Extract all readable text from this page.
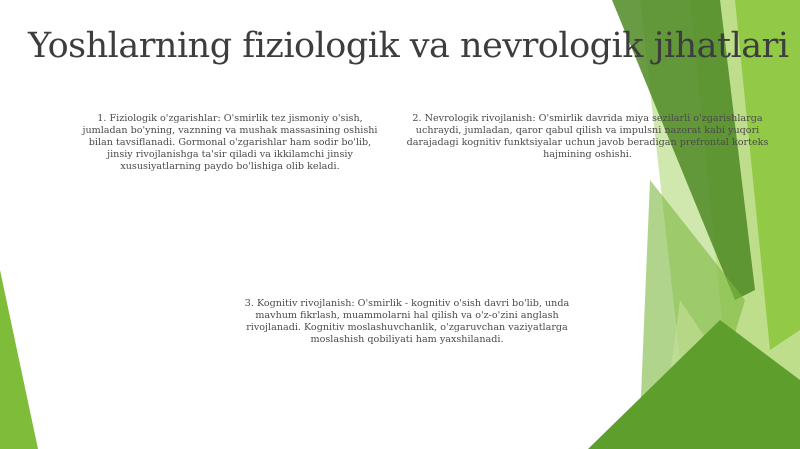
Yoshlarning fiziologik va nevrologik jihatlari

1. Fiziologik o'zgarishlar: O'smirlik tez jismoniy o'sish, jumladan bo'yning, vaznning va mushak massasining oshishi bilan tavsiflanadi. Gormonal o'zgarishlar ham sodir bo'lib, jinsiy rivojlanishga ta'sir qiladi va ikkilamchi jinsiy xususiyatlarning paydo bo'lishiga olib keladi.

2. Nevrologik rivojlanish: O'smirlik davrida miya sezilarli o'zgarishlarga uchraydi, jumladan, qaror qabul qilish va impulsni nazorat kabi yuqori darajadagi kognitiv funktsiyalar uchun javob beradigan prefrontal korteks hajmining oshishi.

3. Kognitiv rivojlanish: O'smirlik - kognitiv o'sish davri bo'lib, unda mavhum fikrlash, muammolarni hal qilish va o'z-o'zini anglash rivojlanadi. Kognitiv moslashuvchanlik, o'zgaruvchan vaziyatlarga moslashish qobiliyati ham yaxshilanadi.
